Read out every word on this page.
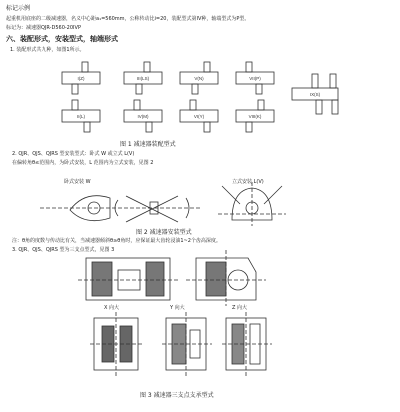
标记示例
起重机用底座的二级减速器，名义中心距a₁=560mm，公称传动比i=20，装配型式第IV种，轴端型式为P型。
标记为：减速器QJR-D560-20IVP
六、装配形式，安装型式，轴端形式
1. 装配形式共九种，如图1所示。
图 1 减速器装配型式
2. QJR、QJS、QJRS 型安装型式：卧式 W 或立式 L(V)
在偏转角θ≤范围内，为卧式安装，L 范围内为立式安装，见图 2
卧式安装 W	立式安装 L(V)
图 2 减速器安装型式
注：θ角的度数与传动比有关，当减速器倾斜θ≥θ角时，应保证最大齿轮浸油1~2个齿高深度。
3. QJR、QJS、QJRS 型为三支点型式，见图 3
X 向大	Y 向大	Z 向大
图 3 减速器三支点支承型式
I(Z)	III(LS)	V(N)	VII(P)
II(L)	IV(M)	VI(Y)	VIII(K)
IX(S)
